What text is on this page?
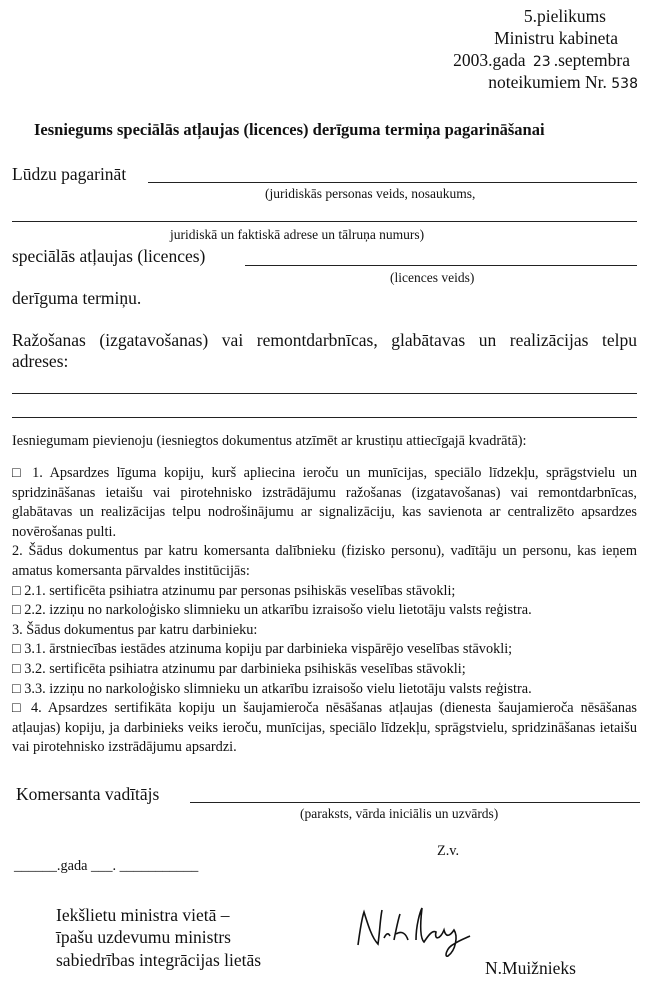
5.pielikums
Ministru kabineta
2003.gada 23 .septembra
noteikumiem Nr. 538
Iesniegums speciālās atļaujas (licences) derīguma termiņa pagarināšanai
Lūdzu pagarināt
(juridiskās personas veids, nosaukums,
juridiskā un faktiskā adrese un tālruņa numurs)
speciālās atļaujas (licences)
(licences veids)
derīguma termiņu.
Ražošanas (izgatavošanas) vai remontdarbnīcas, glabātavas un realizācijas telpu
adreses:
Iesniegumam pievienoju (iesniegtos dokumentus atzīmēt ar krustiņu attiecīgajā kvadrātā):

□ 1. Apsardzes līguma kopiju, kurš apliecina ieroču un munīcijas, speciālo līdzekļu, sprāgstvielu un spridzināšanas ietaišu vai pirotehnisko izstrādājumu ražošanas (izgatavošanas) vai remontdarbnīcas, glabātavas un realizācijas telpu nodrošinājumu ar signalizāciju, kas savienota ar centralizēto apsardzes novērošanas pulti.

2. Šādus dokumentus par katru komersanta dalībnieku (fizisko personu), vadītāju un personu, kas ieņem amatus komersanta pārvaldes institūcijās:

□ 2.1. sertificēta psihiatra atzinumu par personas psihiskās veselības stāvokli;

□ 2.2. izziņu no narkoloģisko slimnieku un atkarību izraisošo vielu lietotāju valsts reģistra.

3. Šādus dokumentus par katru darbinieku:

□ 3.1. ārstniecības iestādes atzinuma kopiju par darbinieka vispārējo veselības stāvokli;

□ 3.2. sertificēta psihiatra atzinumu par darbinieka psihiskās veselības stāvokli;

□ 3.3. izziņu no narkoloģisko slimnieku un atkarību izraisošo vielu lietotāju valsts reģistra.

□ 4. Apsardzes sertifikāta kopiju un šaujamieroča nēsāšanas atļaujas (dienesta šaujamieroča nēsāšanas atļaujas) kopiju, ja darbinieks veiks ieroču, munīcijas, speciālo līdzekļu, sprāgstvielu, spridzināšanas ietaišu vai pirotehnisko izstrādājumu apsardzi.

Komersanta vadītājs
(paraksts, vārda iniciālis un uzvārds)
Z.v.
______.gada ___. ___________
Iekšlietu ministra vietā –
īpašu uzdevumu ministrs
sabiedrības integrācijas lietās	N.Muižnieks
